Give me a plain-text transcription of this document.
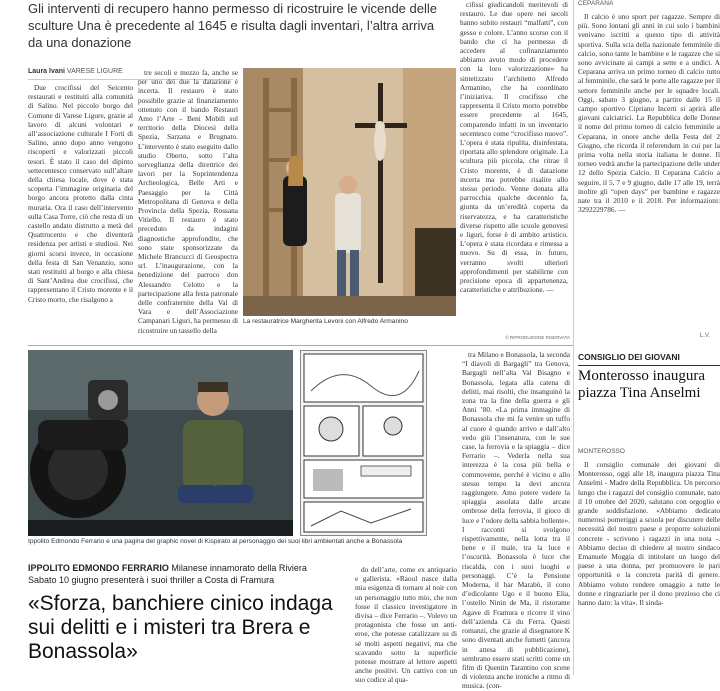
Gli interventi di recupero hanno permesso di ricostruire le vicende delle sculture Una è precedente al 1645 e risulta dagli inventari, l’altra arriva da una donazione
Laura Ivani VARESE LIGURE

Due crocifissi del Seicento restaurati e restituiti alla comunità di Salino. Nel piccolo borgo del Comune di Varese Ligure, grazie al lavoro di alcuni volontari e all’associazione culturale I Forti di Salino, anno dopo anno vengono riscoperti e valorizzati piccoli tesori. È stato il caso del dipinto settecentesco conservato sull’altare della chiesa locale, dove è stata scoperta l’immagine originaria del borgo ancora protetto dalla cinta muraria. Ora il caso dell’intervento sulla Casa Torre, ciò che resta di un castello andato distrutto a metà del Quattrocento e che diventerà residenza per artisti e studiosi. Nei giorni scorsi invece, in occasione della festa di San Venanzio, sono stati restituiti al borgo e alla chiesa di Sant’Andrea due crocifissi, che rappresentano il Cristo morente e il Cristo morto, che risalgono a

tre secoli e mezzo fa, anche se per uno dei due la datazione è incerta. Il restauro è stato possibile grazie al finanziamento ottenuto con il bando Restauri Amo l’Arte – Beni Mobili sul territorio della Diocesi della Spezia, Sarzana e Brugnato. L’intervento è stato eseguito dallo studio Oberto, sotto l’alta sorveglianza della direttrice dei lavori per la Soprintendenza Archeologica, Belle Arti e Paesaggio per la Città Metropolitana di Genova e della Provincia della Spezia, Rossana Vitiello. Il restauro è stato preceduto da indagini diagnostiche approfondite, che sono state sponsorizzate da Michele Brancucci di Geospectra srl. L’inaugurazione, con la benedizione del parroco don Alessandro Celotto e la partecipazione alla festa patronale delle confraternite della Val di Vara e dell’Associazione Campanari Liguri, ha permesso di ricostruire un tassello della

La restauratrice Margherita Levoni con Alfredo Armanino

cifissi giudicandoli meritevoli di restauro. Le due opere nei secoli hanno subito restauri “malfatti”, con gesso e colore. L’anno scorso con il bando che ci ha permesso di accedere al cofinanziamento abbiamo avuto modo di procedere con la loro valorizzazione» ha sintetizzato l’architetto Alfredo Armanino, che ha coordinato l’iniziativa. Il crocifisso che rappresenta il Cristo morto potrebbe essere precedente al 1645, comparendo infatti in un inventario secentesco come “crocifisso nuovo”. L’opera è stata ripulita, disinfestata, riportata allo splendore originale. La scultura più piccola, che ritrae il Cristo morente, è di datazione incerta ma potrebbe risalire allo stesso periodo. Venne donata alla parrocchia qualche decennio fa, giunta da un’eredità coperta da riservatezza, e ha caratteristiche diverse rispetto alle scuole genovesi e liguri, forse è di ambito artistico. L’opera è stata ricordata e rimessa a nuovo. Su di essa, in futuro, verranno svolti ulteriori approfondimenti per stabilirne con precisione epoca di appartenenza, caratteristiche e attribuzione. —

© RIPRODUZIONE RISERVATA
CEPARANA

Il calcio è uno sport per ragazze. Sempre di più. Sono lontani gli anni in cui solo i bambini venivano iscritti a questo tipo di attività sportiva. Sulla scia della nazionale femminile di calcio, sono tante le bambine e le ragazze che si sono avvicinate ai campi a sette e a undici. A Ceparana arriva un primo torneo di calcio tutto al femminile, che sarà le porte alle ragazze per il settore femminile anche per le squadre locali. Oggi, sabato 3 giugno, a partire dalle 15 il campo sportivo Cipriano Incerti si aprirà alle giovani calciatrici. La Repubblica delle Donne il nome del primo torneo di calcio femminile a Ceparana, in onore anche della Festa del 2 Giugno, che ricorda il referendum in cui per la prima volta nella storia italiana le donne. Il torneo vedrà anche la partecipazione delle under 12 dello Spezia Calcio. Il Ceparana Calcio a seguire, il 5, 7 e 9 giugno, dalle 17 alle 19, terrà inoltre gli “open days” per bambine e ragazze nate tra il 2010 e il 2018. Per informazioni: 3292229786. —

L.V.
Ippolito Edmondo Ferrario e una pagina del graphic novel di Kispirato al personaggio dei suoi libri ambientati anche a Bonassola
IPPOLITO EDMONDO FERRARIO Milanese innamorato della Riviera
Sabato 10 giugno presenterà i suoi thriller a Costa di Framura
«Sforza, banchiere cinico indaga sui delitti e i misteri tra Brera e Bonassola»

do dell’arte, come ex antiquario e gallerista. «Raoul nasce dalla mia esigenza di tornare al noir con un personaggio tutto mio, che non fosse il classico investigatore in divisa – dice Ferrario –. Volevo un protagonista che fosse un anti-eroe, che potesse catalizzare su di sé molti aspetti negativi, ma che scavando sotto la superficie potesse mostrare al lettore aspetti anche positivi. Un cattivo con un suo codice al qua-

tra Milano e Bonassola, la seconda “I diavoli di Bargagli” tra Genova, Bargagli nell’alta Val Bisagno e Bonassola, legata alla catena di delitti, mai risolti, che insanguinò la zona tra la fine della guerra e gli Anni ’80. «La prima immagine di Bonassola che mi fa venire un tuffo al cuore è quando arrivo e dall’alto vedo giù l’insenatura, con le sue case, la ferrovia e la spiaggia – dice Ferrario –. Vederla nella sua interezza è la cosa più bella e commovente, perché è vicino e allo stesso tempo la devi ancora raggiungere. Amo potere vedere la spiaggia assolata dalle arcate ombrose della ferrovia, il gioco di luce e l’odore della sabbia bollente». I racconti si svolgono rispettivamente, nella lotta tra il bene e il male, tra la luce e l’oscurità. Bonassola è luce che riscalda, con i suoi luoghi e personaggi. C’è la Pensione Moderna, il bar Marabù, il cono d’edicolante Ugo e il buono Elia, l’ostello Ninin de Ma, il ristorante Agave di Framura e ricorre il vino dell’azienda Cà du Ferra. Questi romanzi, che grazie al disegnatore K sono diventati anche fumetti (ancora in attesa di pubblicazione), sembrano essere stati scritti come un film di Quentin Tarantino con scene di violenza anche ironiche a ritmo di musica. (con-

CONSIGLIO DEI GIOVANI
Monterosso inaugura piazza Tina Anselmi
MONTEROSSO

Il consiglio comunale dei giovani di Monterosso, oggi alle 18, inaugura piazza Tina Anselmi - Madre della Repubblica. Un percorso lungo che i ragazzi del consiglio comunale, nato il 10 ottobre del 2020, salutano con orgoglio e grande soddisfazione. «Abbiamo dedicato numerosi pomeriggi a scuola per discutere delle necessità del nostro paese e proporre soluzioni concrete - scrivono i ragazzi in una nota -. Abbiamo deciso di chiedere al nostro sindaco Emanuele Moggia di intitolare un luogo del paese a una donna, per promuovere le pari opportunità e la concreta parità di genere. Abbiamo voluto rendere omaggio a tutte le donne e ringraziarle per il dono prezioso che ci hanno dato: la vita». Il sinda-
